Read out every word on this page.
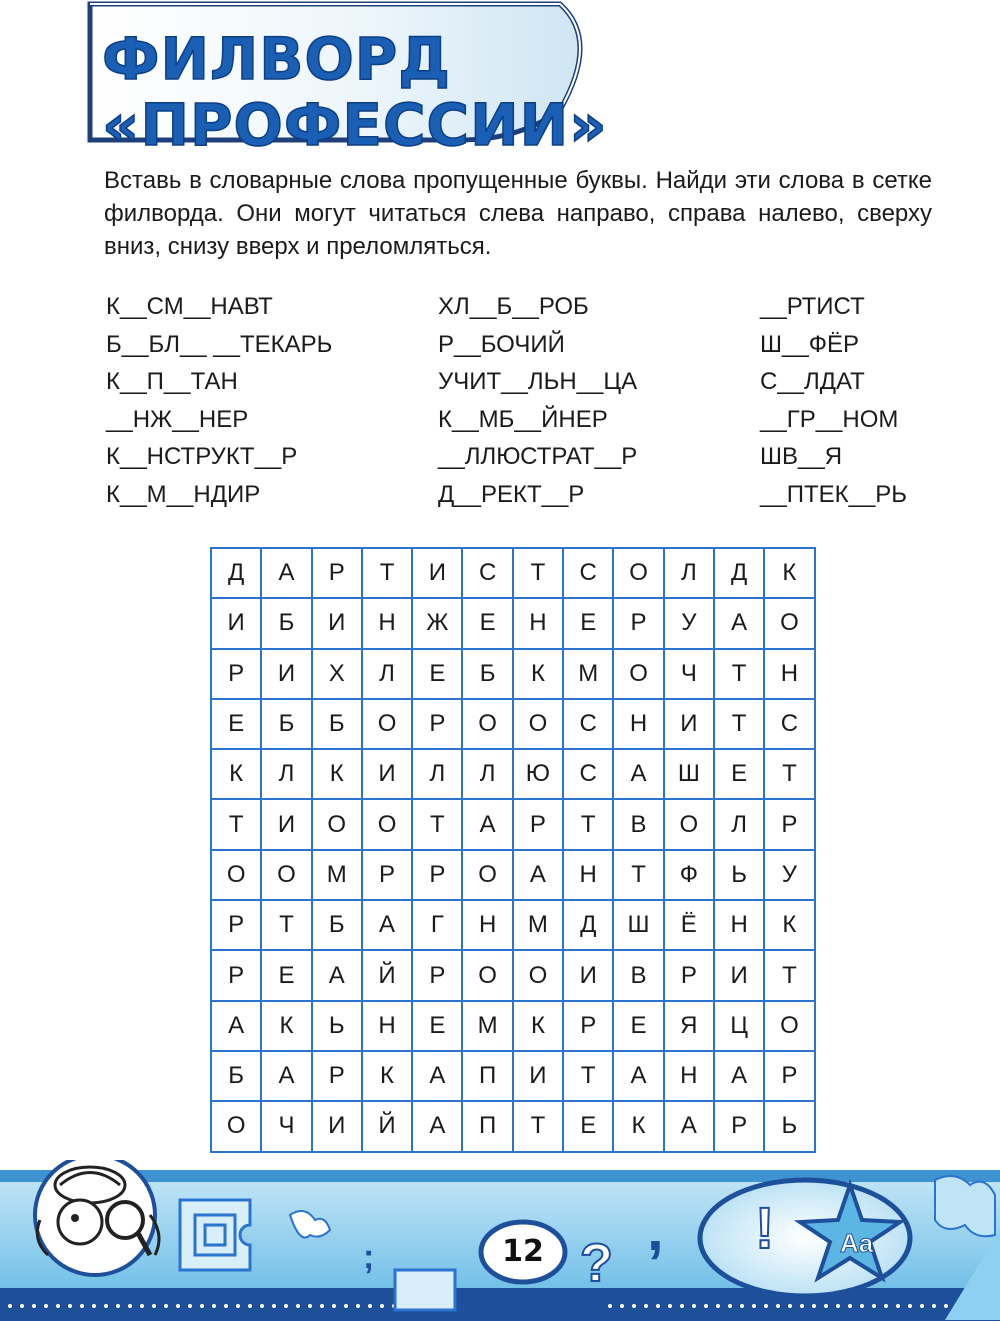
ФИЛВОРД
«ПРОФЕССИИ»

Вставь в словарные слова пропущенные буквы. Найди эти слова в сетке филворда. Они могут читаться слева направо, справа налево, сверху вниз, снизу вверх и преломляться.

К__СМ__НАВТ	ХЛ__Б__РОБ	__РТИСТ
Б__БЛ__ __ТЕКАРЬ	Р__БОЧИЙ	Ш__ФЁР
К__П__ТАН	УЧИТ__ЛЬН__ЦА	С__ЛДАТ
__НЖ__НЕР	К__МБ__ЙНЕР	__ГР__НОМ
К__НСТРУКТ__Р	__ЛЛЮСТРАТ__Р	ШВ__Я
К__М__НДИР	Д__РЕКТ__Р	__ПТЕК__РЬ
Д	А	Р	Т	И	С	Т	С	О	Л	Д	К
И	Б	И	Н	Ж	Е	Н	Е	Р	У	А	О
Р	И	Х	Л	Е	Б	К	М	О	Ч	Т	Н
Е	Б	Б	О	Р	О	О	С	Н	И	Т	С
К	Л	К	И	Л	Л	Ю	С	А	Ш	Е	Т
Т	И	О	О	Т	А	Р	Т	В	О	Л	Р
О	О	М	Р	Р	О	А	Н	Т	Ф	Ь	У
Р	Т	Б	А	Г	Н	М	Д	Ш	Ё	Н	К
Р	Е	А	Й	Р	О	О	И	В	Р	И	Т
А	К	Ь	Н	Е	М	К	Р	Е	Я	Ц	О
Б	А	Р	К	А	П	И	Т	А	Н	А	Р
О	Ч	И	Й	А	П	Т	Е	К	А	Р	Ь
;	? , !	Aa
12
